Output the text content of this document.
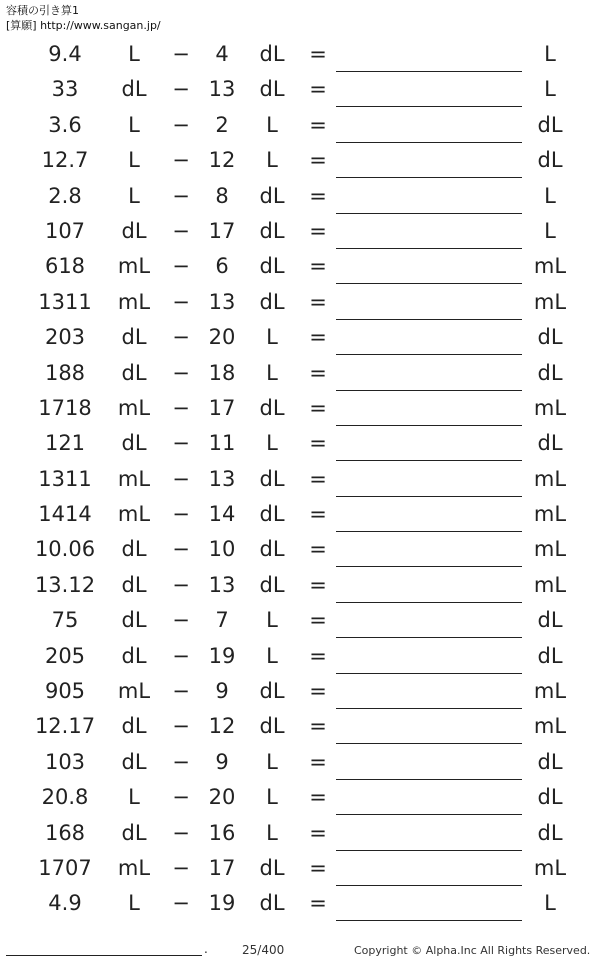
容積の引き算1
[算願] http://www.sangan.jp/
9.4	L	−	4	dL	=	L
33	dL	− 13	dL	=	L
3.6	L	−	2	L	=	dL
12.7	L	− 12	L	=	dL
2.8	L	−	8	dL	=	L
107	dL	− 17	dL	=	L
618	mL −	6	dL	=	mL
1311	mL − 13	dL	=	mL
203	dL	− 20	L	=	dL
188	dL	− 18	L	=	dL
1718	mL − 17	dL	=	mL
121	dL	− 11	L	=	dL
1311	mL − 13	dL	=	mL
1414	mL − 14	dL	=	mL
10.06	dL	− 10	dL	=	mL
13.12	dL	− 13	dL	=	mL
75	dL	−	7	L	=	dL
205	dL	− 19	L	=	dL
905	mL −	9	dL	=	mL
12.17	dL	− 12	dL	=	mL
103	dL	−	9	L	=	dL
20.8	L	− 20	L	=	dL
168	dL	− 16	L	=	dL
1707	mL − 17	dL	=	mL
4.9	L	− 19	dL	=	L
.	25/400	Copyright © Alpha.Inc All Rights Reserved.
